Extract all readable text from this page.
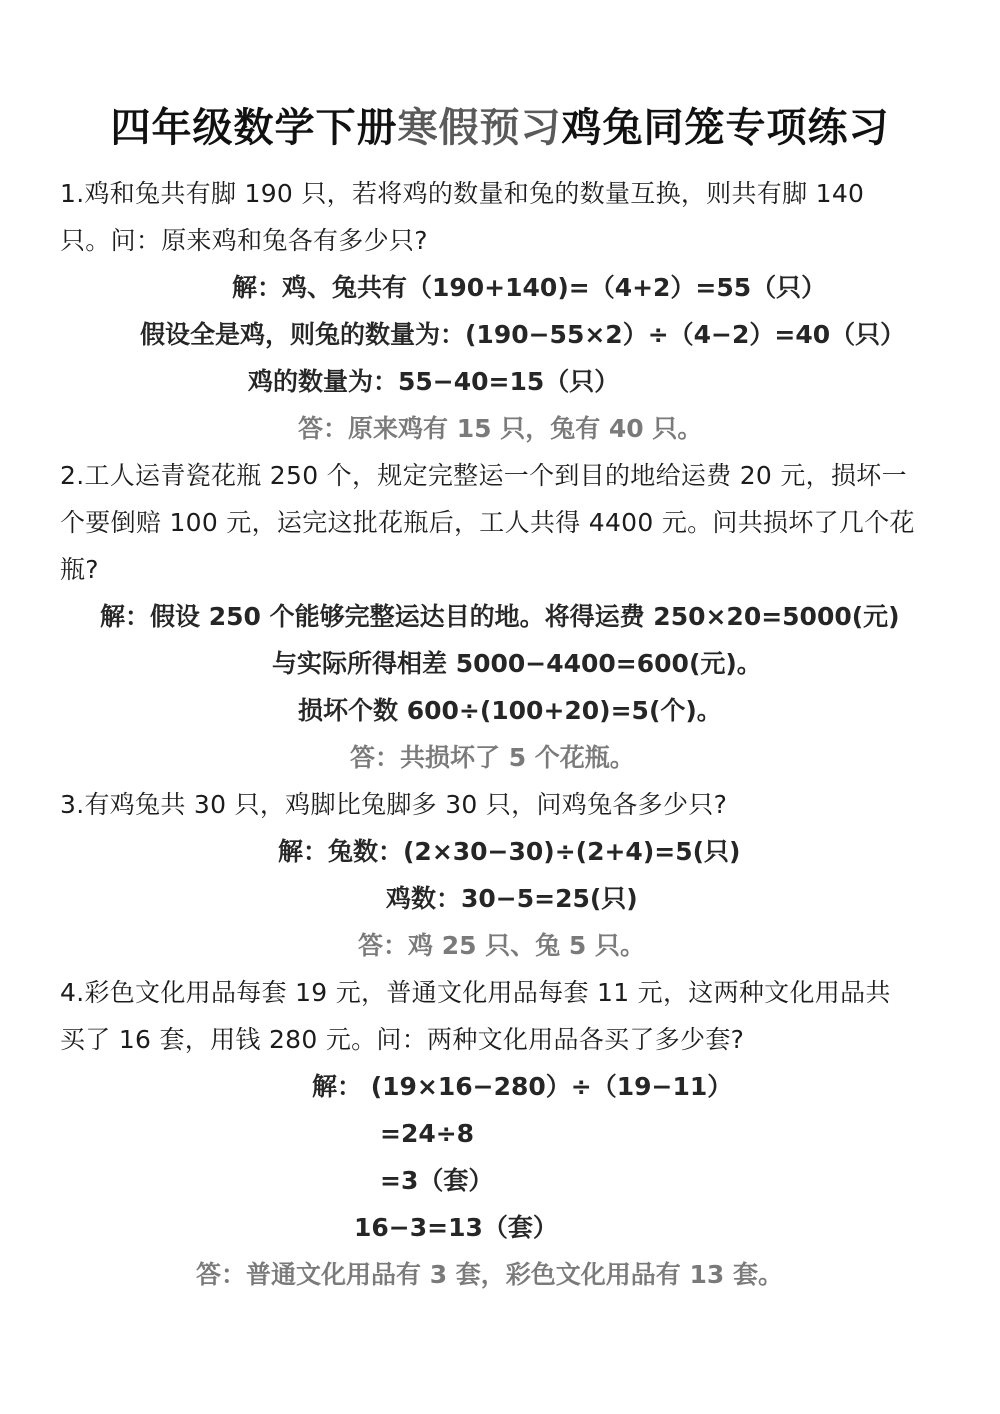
四年级数学下册寒假预习鸡兔同笼专项练习
1.鸡和兔共有脚 190 只，若将鸡的数量和兔的数量互换，则共有脚 140
只。问：原来鸡和兔各有多少只?
解：鸡、兔共有（190+140)=（4+2）=55（只）
假设全是鸡，则兔的数量为：(190−55×2）÷（4−2）=40（只）
鸡的数量为：55−40=15（只）
答：原来鸡有 15 只，兔有 40 只。
2.工人运青瓷花瓶 250 个，规定完整运一个到目的地给运费 20 元，损坏一
个要倒赔 100 元，运完这批花瓶后，工人共得 4400 元。问共损坏了几个花
瓶?
解：假设 250 个能够完整运达目的地。将得运费 250×20=5000(元)
与实际所得相差 5000−4400=600(元)。
损坏个数 600÷(100+20)=5(个)。
答：共损坏了 5 个花瓶。
3.有鸡兔共 30 只，鸡脚比兔脚多 30 只，问鸡兔各多少只?
解：兔数：(2×30−30)÷(2+4)=5(只)
鸡数：30−5=25(只)
答：鸡 25 只、兔 5 只。
4.彩色文化用品每套 19 元，普通文化用品每套 11 元，这两种文化用品共
买了 16 套，用钱 280 元。问：两种文化用品各买了多少套?
解： (19×16−280）÷（19−11）
=24÷8
=3（套）
16−3=13（套）
答：普通文化用品有 3 套，彩色文化用品有 13 套。
